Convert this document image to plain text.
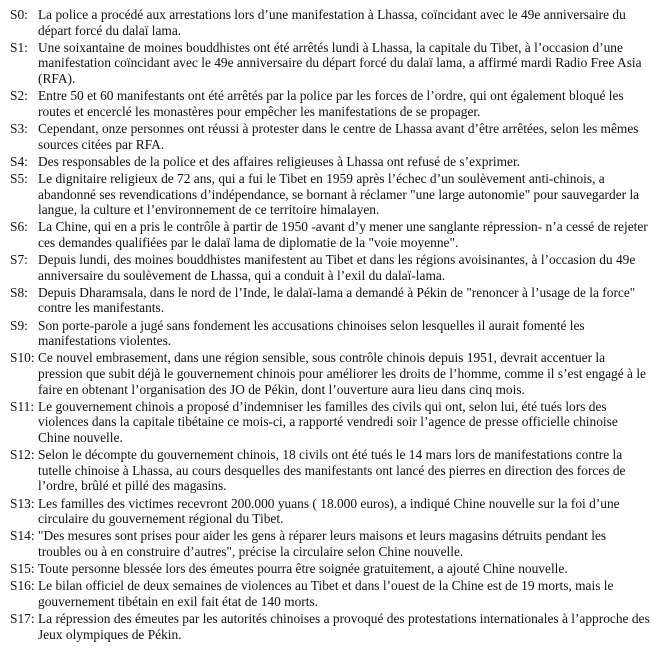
S0: La police a procédé aux arrestations lors d’une manifestation à Lhassa, coïncidant avec le 49e anniversaire du départ forcé du dalaï lama.
S1: Une soixantaine de moines bouddhistes ont été arrêtés lundi à Lhassa, la capitale du Tibet, à l’occasion d’une manifestation coïncidant avec le 49e anniversaire du départ forcé du dalaï lama, a affirmé mardi Radio Free Asia (RFA).
S2: Entre 50 et 60 manifestants ont été arrêtés par la police par les forces de l’ordre, qui ont également bloqué les routes et encerclé les monastères pour empêcher les manifestations de se propager.
S3: Cependant, onze personnes ont réussi à protester dans le centre de Lhassa avant d’être arrêtées, selon les mêmes sources citées par RFA.
S4: Des responsables de la police et des affaires religieuses à Lhassa ont refusé de s’exprimer.
S5: Le dignitaire religieux de 72 ans, qui a fui le Tibet en 1959 après l’échec d’un soulèvement anti-chinois, a abandonné ses revendications d’indépendance, se bornant à réclamer "une large autonomie" pour sauvegarder la langue, la culture et l’environnement de ce territoire himalayen.
S6: La Chine, qui en a pris le contrôle à partir de 1950 -avant d’y mener une sanglante répression- n’a cessé de rejeter ces demandes qualifiées par le dalaï lama de diplomatie de la "voie moyenne".
S7: Depuis lundi, des moines bouddhistes manifestent au Tibet et dans les régions avoisinantes, à l’occasion du 49e anniversaire du soulèvement de Lhassa, qui a conduit à l’exil du dalaï-lama.
S8: Depuis Dharamsala, dans le nord de l’Inde, le dalaï-lama a demandé à Pékin de "renoncer à l’usage de la force" contre les manifestants.
S9: Son porte-parole a jugé sans fondement les accusations chinoises selon lesquelles il aurait fomenté les manifestations violentes.
S10: Ce nouvel embrasement, dans une région sensible, sous contrôle chinois depuis 1951, devrait accentuer la pression que subit déjà le gouvernement chinois pour améliorer les droits de l’homme, comme il s’est engagé à le faire en obtenant l’organisation des JO de Pékin, dont l’ouverture aura lieu dans cinq mois.
S11: Le gouvernement chinois a proposé d’indemniser les familles des civils qui ont, selon lui, été tués lors des violences dans la capitale tibétaine ce mois-ci, a rapporté vendredi soir l’agence de presse officielle chinoise Chine nouvelle.
S12: Selon le décompte du gouvernement chinois, 18 civils ont été tués le 14 mars lors de manifestations contre la tutelle chinoise à Lhassa, au cours desquelles des manifestants ont lancé des pierres en direction des forces de l’ordre, brûlé et pillé des magasins.
S13: Les familles des victimes recevront 200.000 yuans ( 18.000 euros), a indiqué Chine nouvelle sur la foi d’une circulaire du gouvernement régional du Tibet.
S14: "Des mesures sont prises pour aider les gens à réparer leurs maisons et leurs magasins détruits pendant les troubles ou à en construire d’autres", précise la circulaire selon Chine nouvelle.
S15: Toute personne blessée lors des émeutes pourra être soignée gratuitement, a ajouté Chine nouvelle.
S16: Le bilan officiel de deux semaines de violences au Tibet et dans l’ouest de la Chine est de 19 morts, mais le gouvernement tibétain en exil fait état de 140 morts.
S17: La répression des émeutes par les autorités chinoises a provoqué des protestations internationales à l’approche des Jeux olympiques de Pékin.
